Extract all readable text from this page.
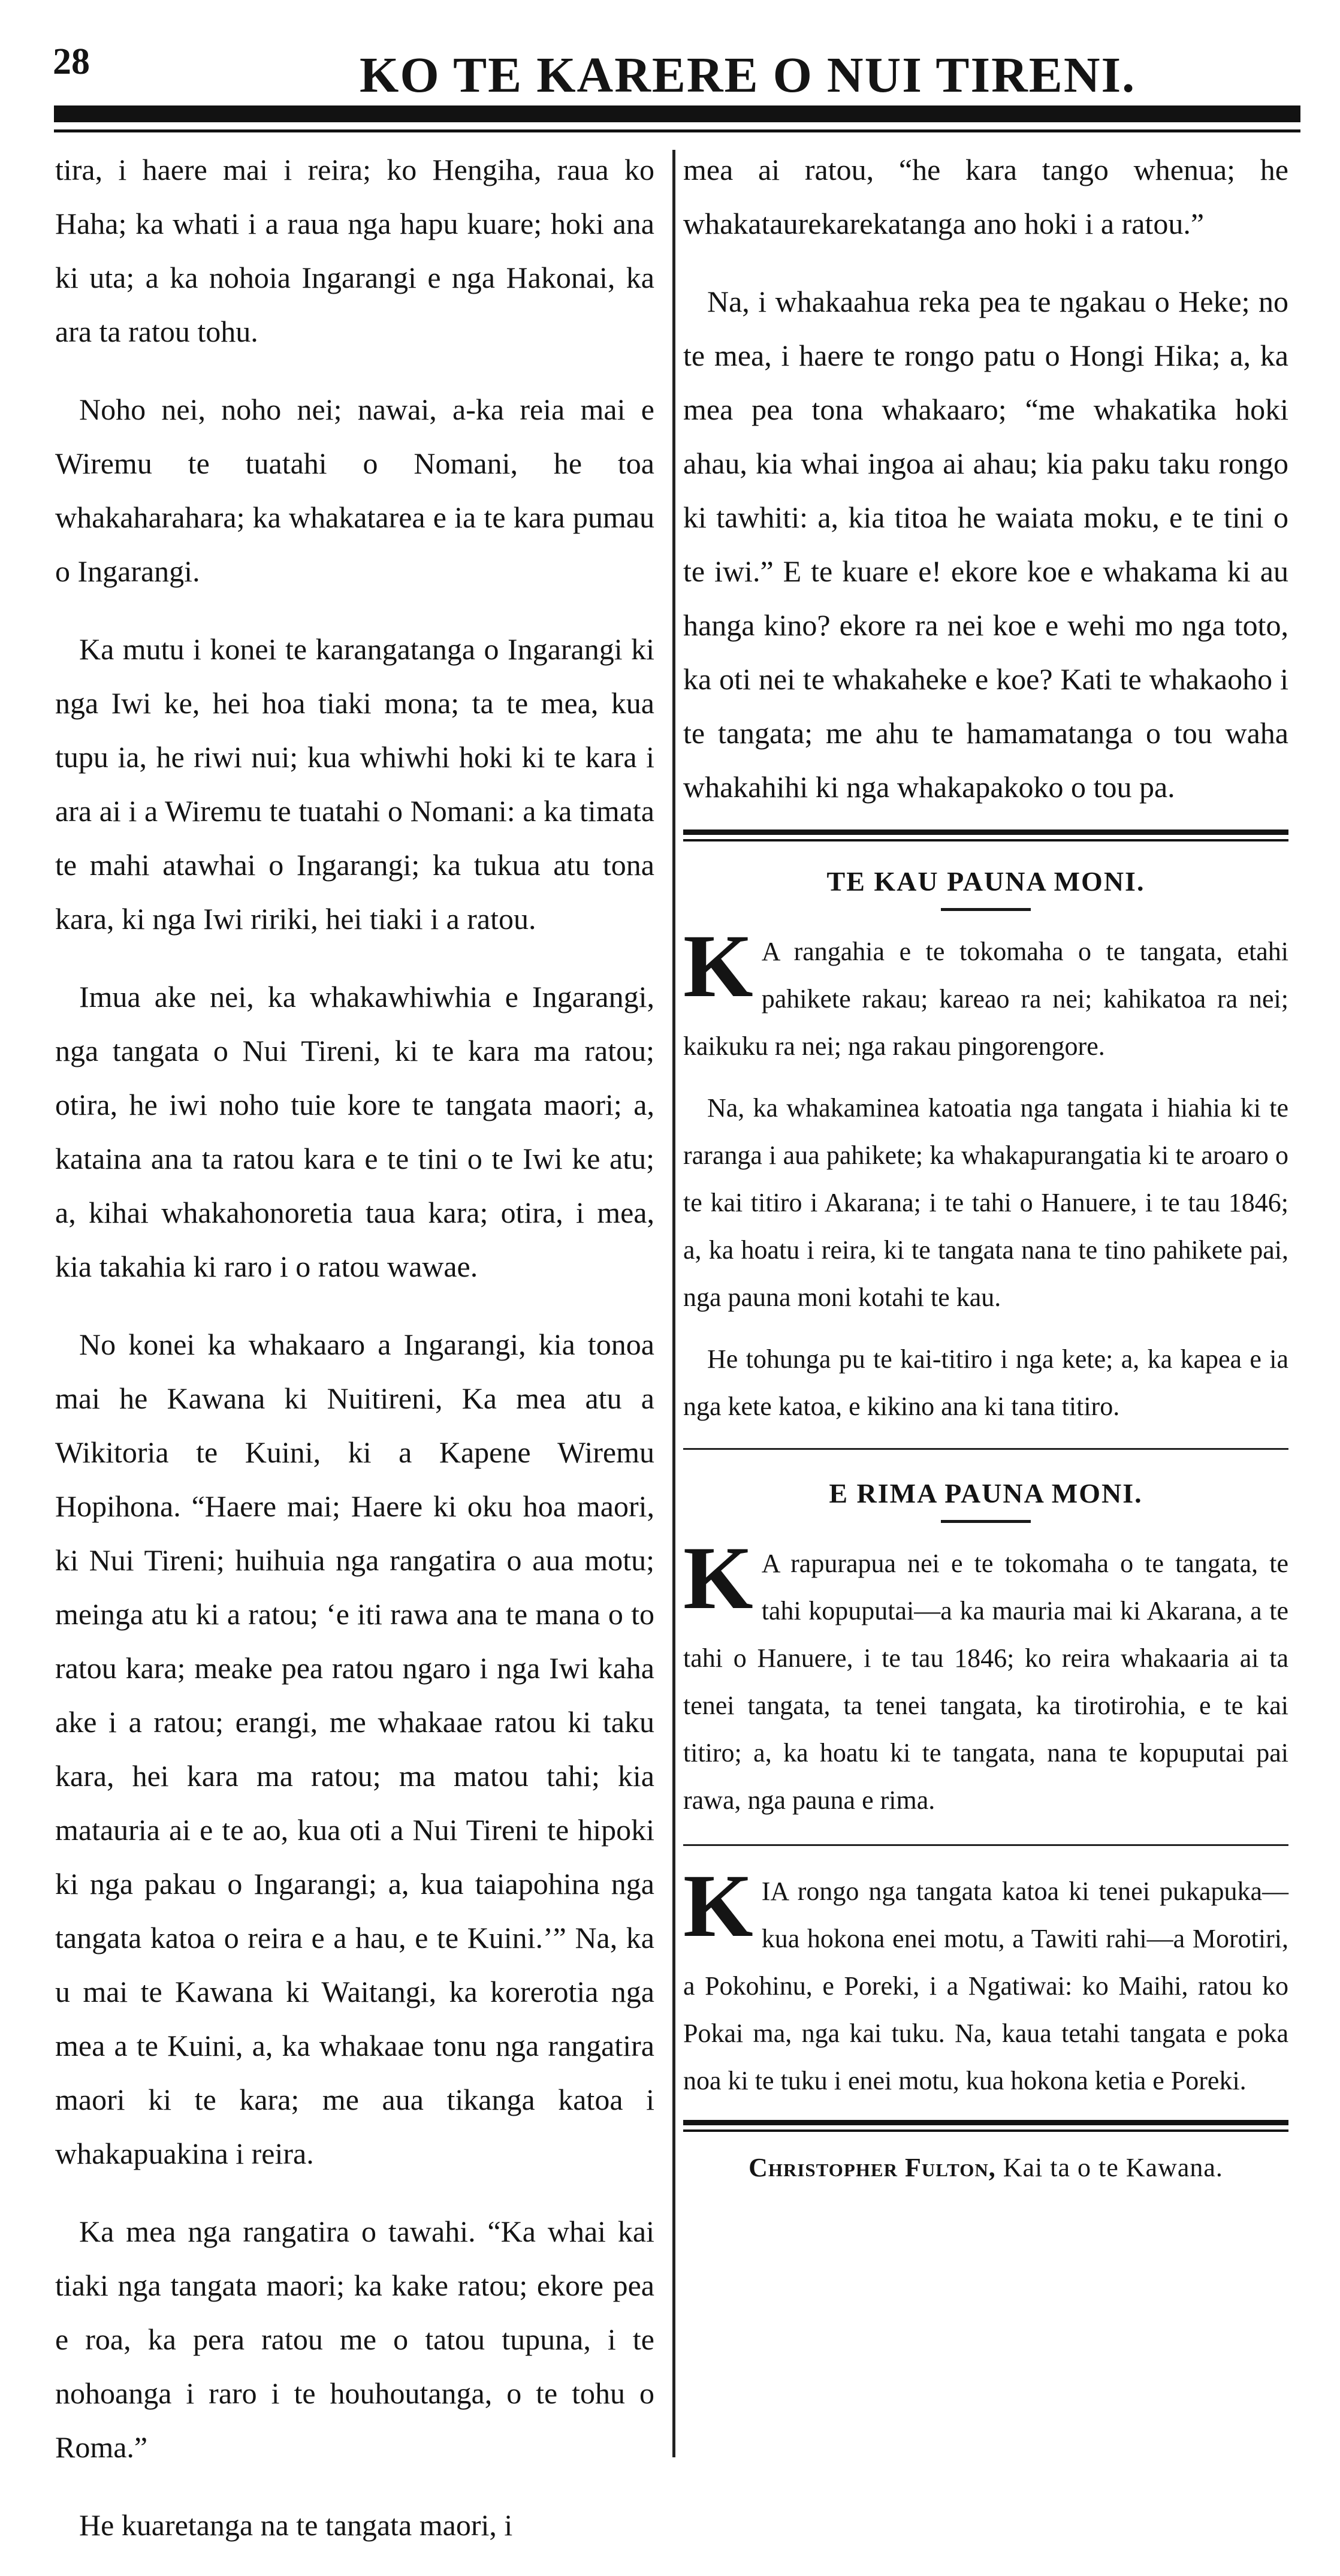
28	KO TE KARERE O NUI TIRENI.

tira, i haere mai i reira; ko Hengiha, raua ko Haha; ka whati i a raua nga hapu kuare; hoki ana ki uta; a ka nohoia Ingarangi e nga Hakonai, ka ara ta ratou tohu.

Noho nei, noho nei; nawai, a-ka reia mai e Wiremu te tuatahi o Nomani, he toa whakaharahara; ka whakatarea e ia te kara pumau o Ingarangi.

Ka mutu i konei te karangatanga o Ingarangi ki nga Iwi ke, hei hoa tiaki mona; ta te mea, kua tupu ia, he riwi nui; kua whiwhi hoki ki te kara i ara ai i a Wiremu te tuatahi o Nomani: a ka timata te mahi atawhai o Ingarangi; ka tukua atu tona kara, ki nga Iwi ririki, hei tiaki i a ratou.

Imua ake nei, ka whakawhiwhia e Ingarangi, nga tangata o Nui Tireni, ki te kara ma ratou; otira, he iwi noho tuie kore te tangata maori; a, kataina ana ta ratou kara e te tini o te Iwi ke atu; a, kihai whakahonoretia taua kara; otira, i mea, kia takahia ki raro i o ratou wawae.

No konei ka whakaaro a Ingarangi, kia tonoa mai he Kawana ki Nuitireni, Ka mea atu a Wikitoria te Kuini, ki a Kapene Wiremu Hopihona. “Haere mai; Haere ki oku hoa maori, ki Nui Tireni; huihuia nga rangatira o aua motu; meinga atu ki a ratou; ‘e iti rawa ana te mana o to ratou kara; meake pea ratou ngaro i nga Iwi kaha ake i a ratou; erangi, me whakaae ratou ki taku kara, hei kara ma ratou; ma matou tahi; kia matauria ai e te ao, kua oti a Nui Tireni te hipoki ki nga pakau o Ingarangi; a, kua taiapohina nga tangata katoa o reira e a hau, e te Kuini.’” Na, ka u mai te Kawana ki Waitangi, ka korerotia nga mea a te Kuini, a, ka whakaae tonu nga rangatira maori ki te kara; me aua tikanga katoa i whakapuakina i reira.

Ka mea nga rangatira o tawahi. “Ka whai kai tiaki nga tangata maori; ka kake ratou; ekore pea e roa, ka pera ratou me o tatou tupuna, i te nohoanga i raro i te houhoutanga, o te tohu o Roma.”

He kuaretanga na te tangata maori, i

mea ai ratou, “he kara tango whenua; he whakataurekarekatanga ano hoki i a ratou.”

Na, i whakaahua reka pea te ngakau o Heke; no te mea, i haere te rongo patu o Hongi Hika; a, ka mea pea tona whakaaro; “me whakatika hoki ahau, kia whai ingoa ai ahau; kia paku taku rongo ki tawhiti: a, kia titoa he waiata moku, e te tini o te iwi.” E te kuare e! ekore koe e whakama ki au hanga kino? ekore ra nei koe e wehi mo nga toto, ka oti nei te whakaheke e koe? Kati te whakaoho i te tangata; me ahu te hamamatanga o tou waha whakahihi ki nga whakapakoko o tou pa.

TE KAU PAUNA MONI.

K A rangahia e te tokomaha o te tangata, etahi pahikete rakau; kareao ra nei; kahikatoa ra nei; kaikuku ra nei; nga rakau pingorengore.

Na, ka whakaminea katoatia nga tangata i hiahia ki te raranga i aua pahikete; ka whakapurangatia ki te aroaro o te kai titiro i Akarana; i te tahi o Hanuere, i te tau 1846; a, ka hoatu i reira, ki te tangata nana te tino pahikete pai, nga pauna moni kotahi te kau.

He tohunga pu te kai-titiro i nga kete; a, ka kapea e ia nga kete katoa, e kikino ana ki tana titiro.

E RIMA PAUNA MONI.

K A rapurapua nei e te tokomaha o te tangata, te tahi kopuputai—a ka mauria mai ki Akarana, a te tahi o Hanuere, i te tau 1846; ko reira whakaaria ai ta tenei tangata, ta tenei tangata, ka tirotirohia, e te kai titiro; a, ka hoatu ki te tangata, nana te kopuputai pai rawa, nga pauna e rima.

KIA rongo nga tangata katoa ki tenei pukapuka—kua hokona enei motu, a Tawiti rahi—a Morotiri, a Pokohinu, e Poreki, i a Ngatiwai: ko Maihi, ratou ko Pokai ma, nga kai tuku. Na, kaua tetahi tangata e poka noa ki te tuku i enei motu, kua hokona ketia e Poreki.

Christopher Fulton, Kai ta o te Kawana.
